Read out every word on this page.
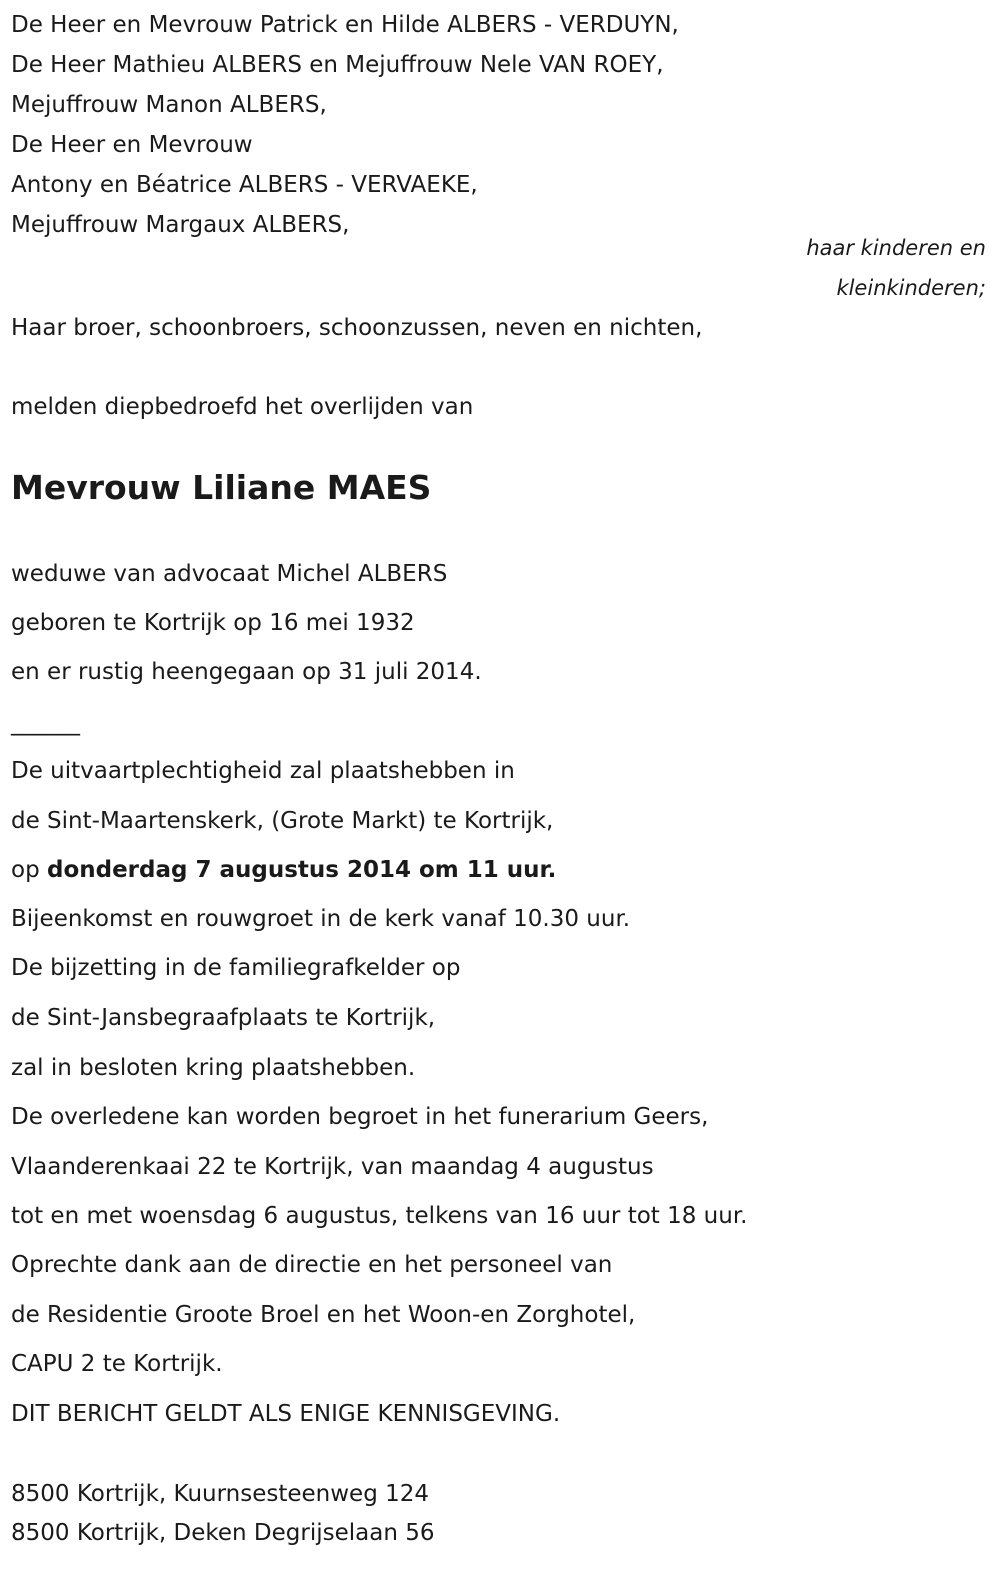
De Heer en Mevrouw Patrick en Hilde ALBERS - VERDUYN,
De Heer Mathieu ALBERS en Mejuffrouw Nele VAN ROEY,
Mejuffrouw Manon ALBERS,
De Heer en Mevrouw
Antony en Béatrice ALBERS - VERVAEKE,
Mejuffrouw Margaux ALBERS,
haar kinderen en
kleinkinderen;
Haar broer, schoonbroers, schoonzussen, neven en nichten,
melden diepbedroefd het overlijden van
Mevrouw Liliane MAES
weduwe van advocaat Michel ALBERS
geboren te Kortrijk op 16 mei 1932
en er rustig heengegaan op 31 juli 2014.
______
De uitvaartplechtigheid zal plaatshebben in
de Sint-Maartenskerk, (Grote Markt) te Kortrijk,
op donderdag 7 augustus 2014 om 11 uur.
Bijeenkomst en rouwgroet in de kerk vanaf 10.30 uur.
De bijzetting in de familiegrafkelder op
de Sint-Jansbegraafplaats te Kortrijk,
zal in besloten kring plaatshebben.
De overledene kan worden begroet in het funerarium Geers,
Vlaanderenkaai 22 te Kortrijk, van maandag 4 augustus
tot en met woensdag 6 augustus, telkens van 16 uur tot 18 uur.
Oprechte dank aan de directie en het personeel van
de Residentie Groote Broel en het Woon-en Zorghotel,
CAPU 2 te Kortrijk.
DIT BERICHT GELDT ALS ENIGE KENNISGEVING.
8500 Kortrijk, Kuurnsesteenweg 124
8500 Kortrijk, Deken Degrijselaan 56
